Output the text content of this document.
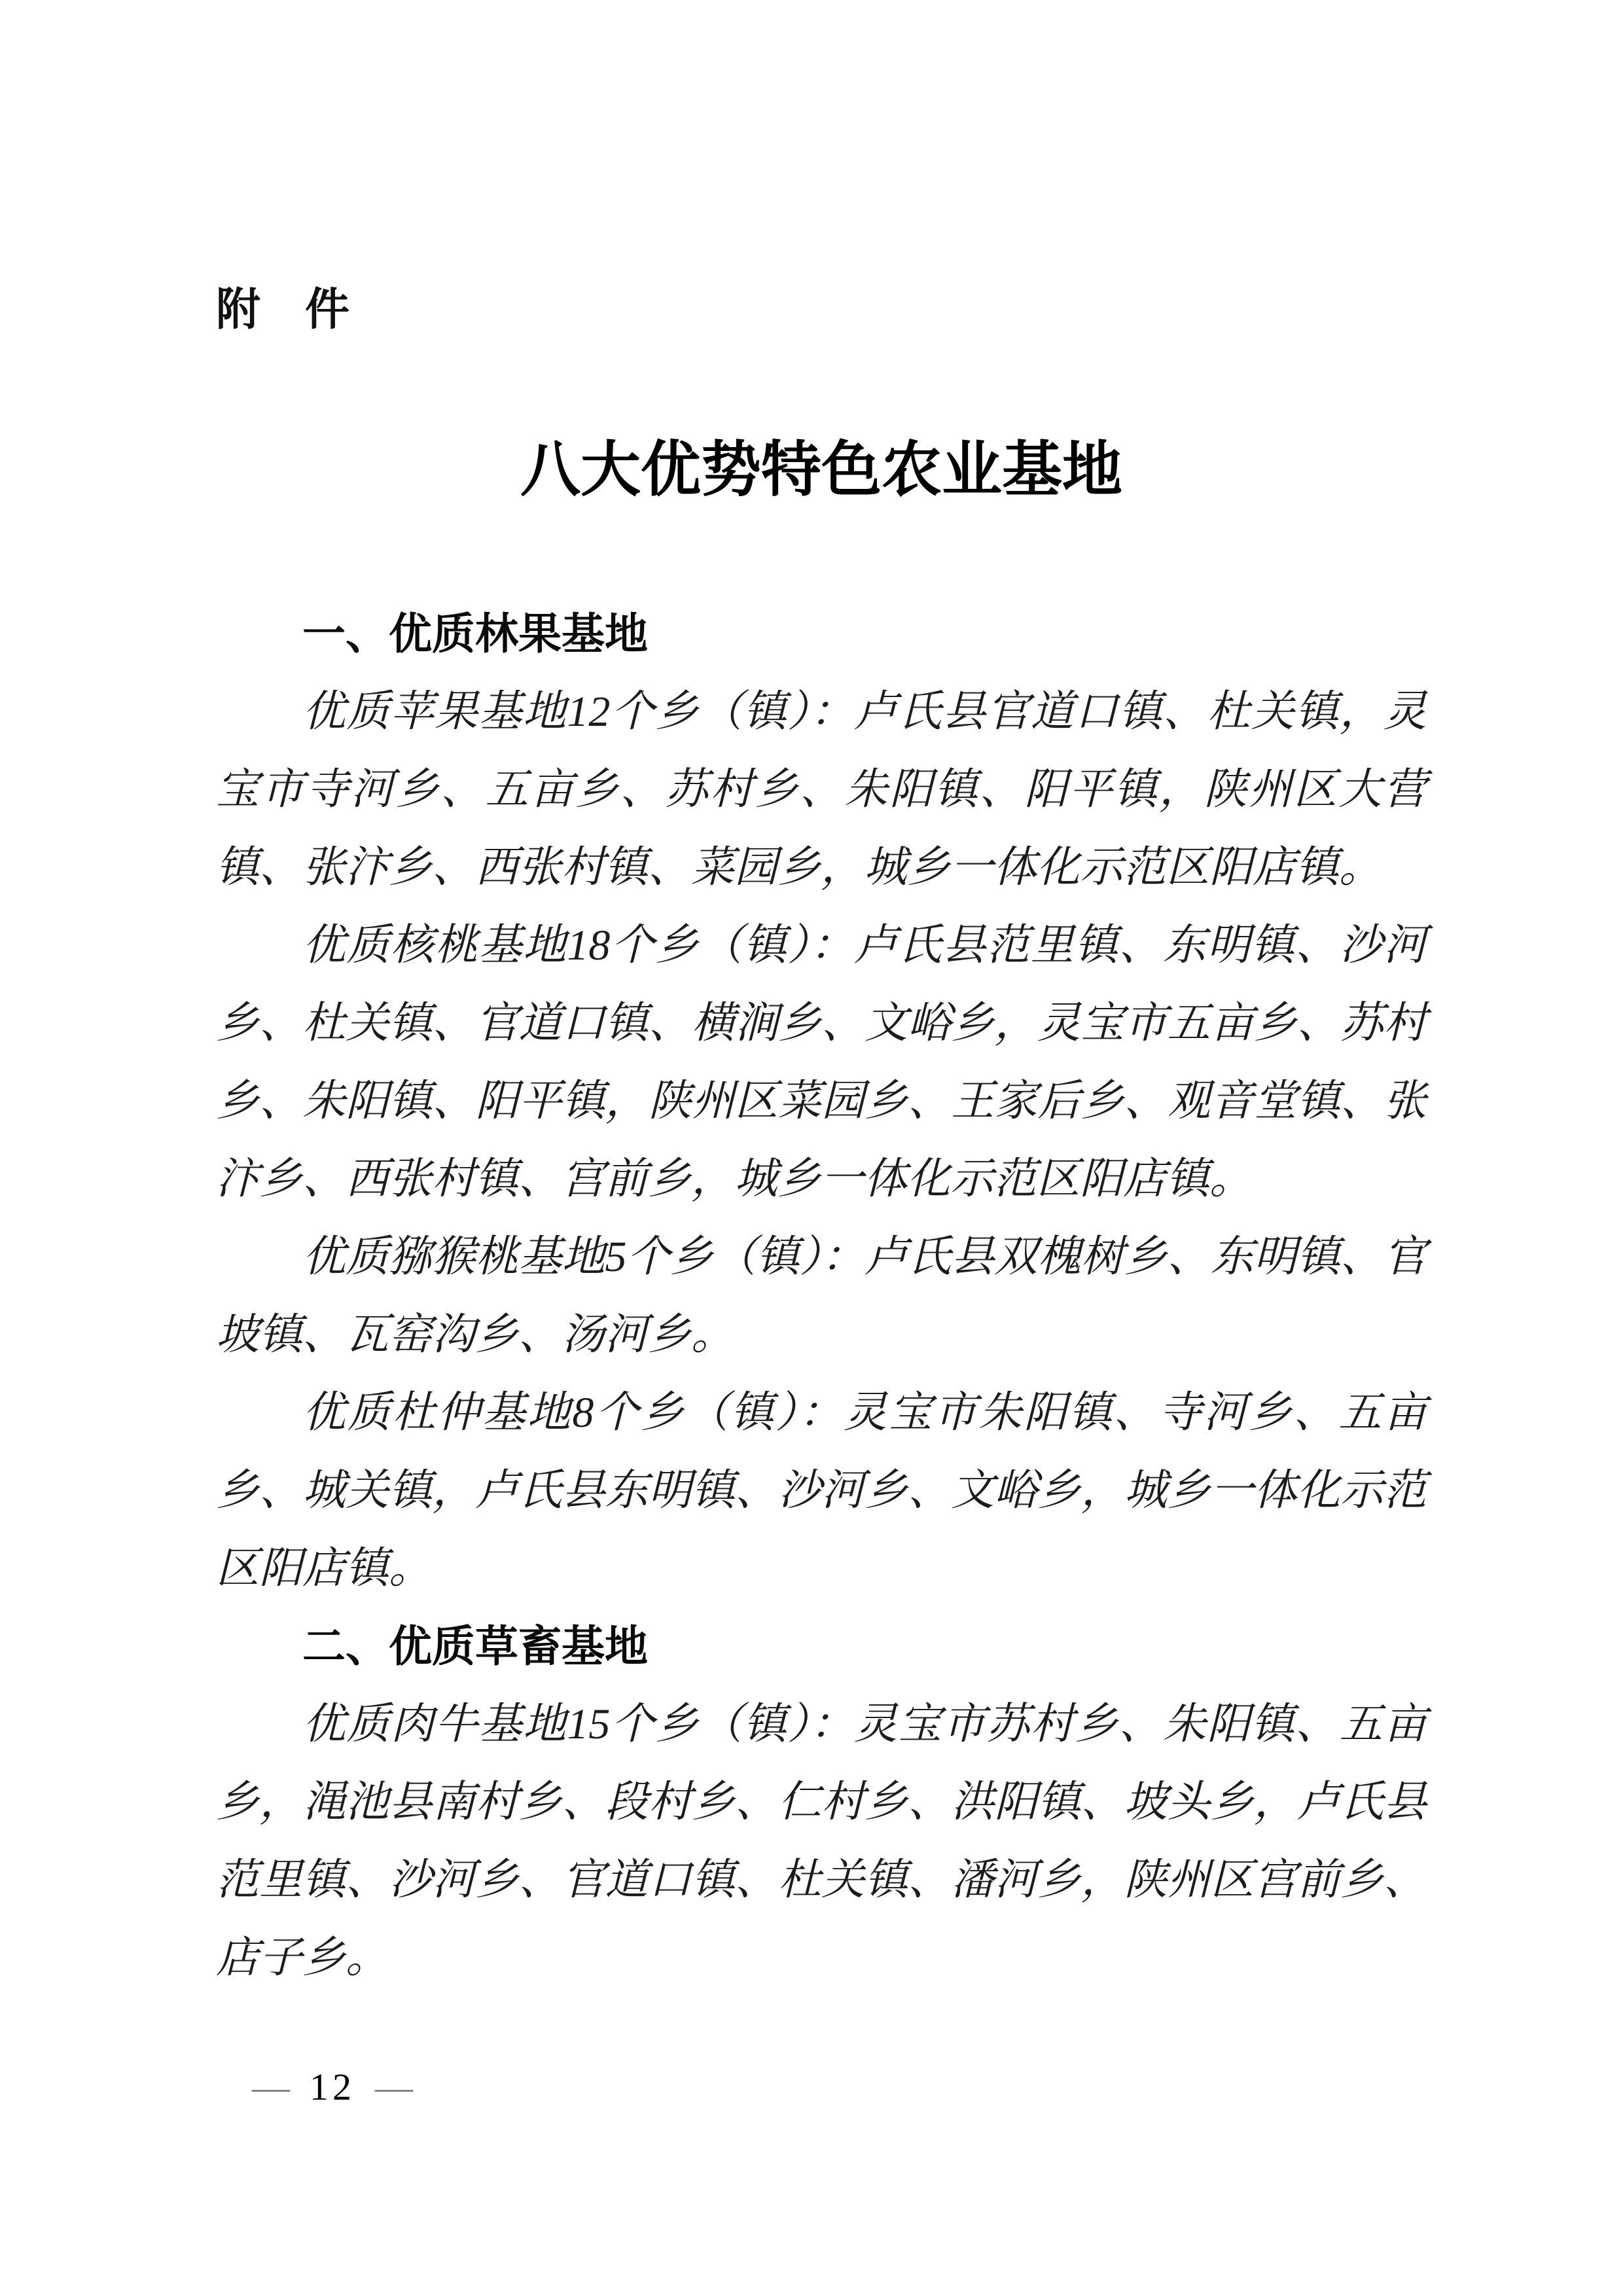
附　件
八大优势特色农业基地
一、优质林果基地

优质苹果基地12个乡（镇）：卢氏县官道口镇、杜关镇，灵宝市寺河乡、五亩乡、苏村乡、朱阳镇、阳平镇，陕州区大营镇、张汴乡、西张村镇、菜园乡，城乡一体化示范区阳店镇。

优质核桃基地18个乡（镇）：卢氏县范里镇、东明镇、沙河乡、杜关镇、官道口镇、横涧乡、文峪乡，灵宝市五亩乡、苏村乡、朱阳镇、阳平镇，陕州区菜园乡、王家后乡、观音堂镇、张汴乡、西张村镇、宫前乡，城乡一体化示范区阳店镇。

优质猕猴桃基地5个乡（镇）：卢氏县双槐树乡、东明镇、官坡镇、瓦窑沟乡、汤河乡。

优质杜仲基地8个乡（镇）：灵宝市朱阳镇、寺河乡、五亩乡、城关镇，卢氏县东明镇、沙河乡、文峪乡，城乡一体化示范区阳店镇。

二、优质草畜基地

优质肉牛基地15个乡（镇）：灵宝市苏村乡、朱阳镇、五亩乡，渑池县南村乡、段村乡、仁村乡、洪阳镇、坡头乡，卢氏县范里镇、沙河乡、官道口镇、杜关镇、潘河乡，陕州区宫前乡、店子乡。

— 12 —
